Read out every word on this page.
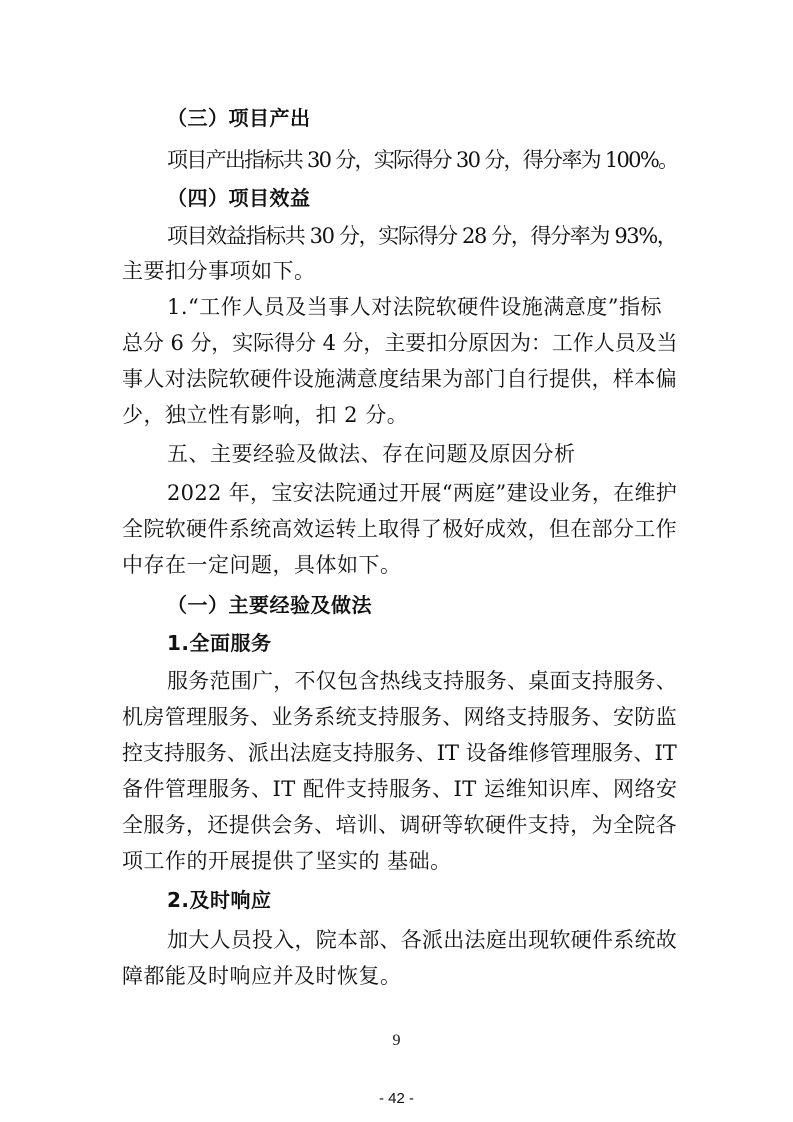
（三）项目产出
项目产出指标共 30 分，实际得分 30 分，得分率为 100%。
（四）项目效益
项目效益指标共 30 分，实际得分 28 分，得分率为 93%，
主要扣分事项如下。
1.“工作人员及当事人对法院软硬件设施满意度”指标
总分 6 分，实际得分 4 分，主要扣分原因为：工作人员及当
事人对法院软硬件设施满意度结果为部门自行提供，样本偏
少，独立性有影响，扣 2 分。
五、主要经验及做法、存在问题及原因分析
2022 年，宝安法院通过开展“两庭”建设业务，在维护
全院软硬件系统高效运转上取得了极好成效，但在部分工作
中存在一定问题，具体如下。
（一）主要经验及做法
1.全面服务
服务范围广，不仅包含热线支持服务、桌面支持服务、
机房管理服务、业务系统支持服务、网络支持服务、安防监
控支持服务、派出法庭支持服务、IT 设备维修管理服务、IT
备件管理服务、IT 配件支持服务、IT 运维知识库、网络安
全服务，还提供会务、培训、调研等软硬件支持，为全院各
项工作的开展提供了坚实的 基础。
2.及时响应
加大人员投入，院本部、各派出法庭出现软硬件系统故
障都能及时响应并及时恢复。
9
- 42 -
